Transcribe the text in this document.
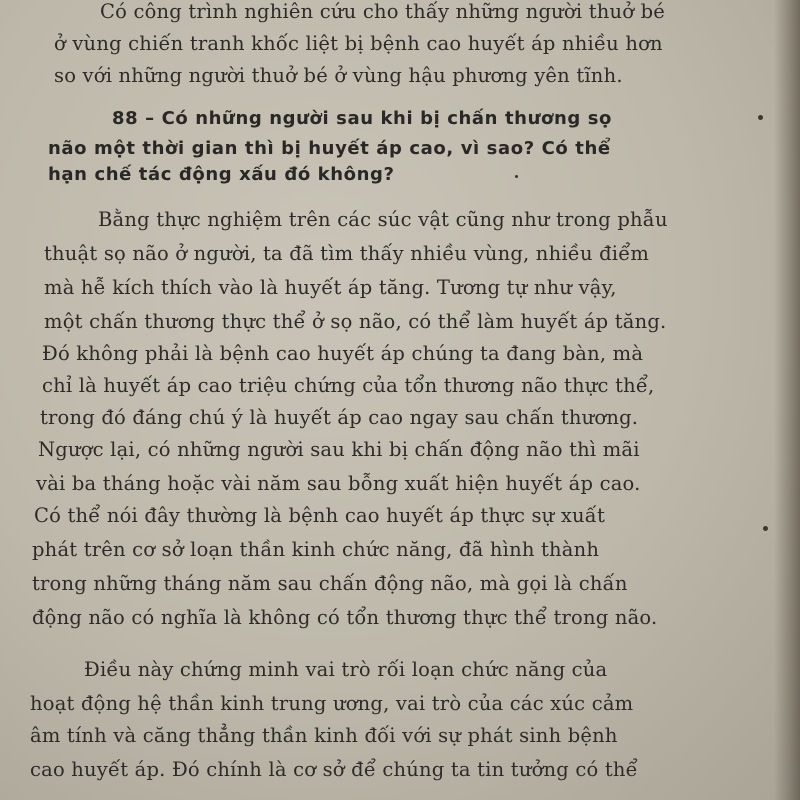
Có công trình nghiên cứu cho thấy những người thuở bé
ở vùng chiến tranh khốc liệt bị bệnh cao huyết áp nhiều hơn
so với những người thuở bé ở vùng hậu phương yên tĩnh.
88 – Có những người sau khi bị chấn thương sọ
não một thời gian thì bị huyết áp cao, vì sao? Có thể
hạn chế tác động xấu đó không?
Bằng thực nghiệm trên các súc vật cũng như trong phẫu
thuật sọ não ở người, ta đã tìm thấy nhiều vùng, nhiều điểm
mà hễ kích thích vào là huyết áp tăng. Tương tự như vậy,
một chấn thương thực thể ở sọ não, có thể làm huyết áp tăng.
Đó không phải là bệnh cao huyết áp chúng ta đang bàn, mà
chỉ là huyết áp cao triệu chứng của tổn thương não thực thể,
trong đó đáng chú ý là huyết áp cao ngay sau chấn thương.
Ngược lại, có những người sau khi bị chấn động não thì mãi
vài ba tháng hoặc vài năm sau bỗng xuất hiện huyết áp cao.
Có thể nói đây thường là bệnh cao huyết áp thực sự xuất
phát trên cơ sở loạn thần kinh chức năng, đã hình thành
trong những tháng năm sau chấn động não, mà gọi là chấn
động não có nghĩa là không có tổn thương thực thể trong não.
Điều này chứng minh vai trò rối loạn chức năng của
hoạt động hệ thần kinh trung ương, vai trò của các xúc cảm
âm tính và căng thẳng thần kinh đối với sự phát sinh bệnh
cao huyết áp. Đó chính là cơ sở để chúng ta tin tưởng có thể
